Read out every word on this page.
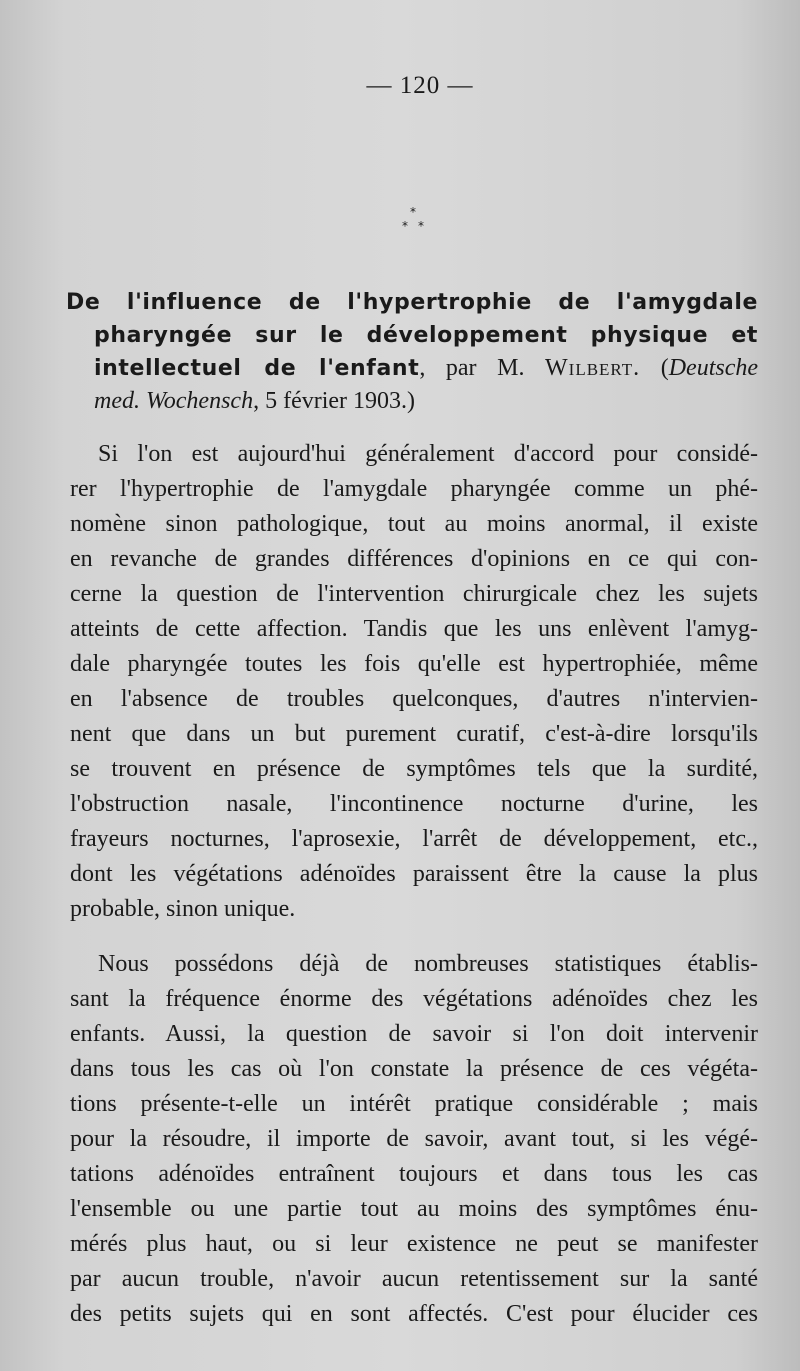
— 120 —
*
* *
De l'influence de l'hypertrophie de l'amygdale
pharyngée sur le développement physique et
intellectuel de l'enfant, par M. Wilbert. (Deutsche
med. Wochensch, 5 février 1903.)
Si l'on est aujourd'hui généralement d'accord pour considé-
rer l'hypertrophie de l'amygdale pharyngée comme un phé-
nomène sinon pathologique, tout au moins anormal, il existe
en revanche de grandes différences d'opinions en ce qui con-
cerne la question de l'intervention chirurgicale chez les sujets
atteints de cette affection. Tandis que les uns enlèvent l'amyg-
dale pharyngée toutes les fois qu'elle est hypertrophiée, même
en l'absence de troubles quelconques, d'autres n'intervien-
nent que dans un but purement curatif, c'est-à-dire lorsqu'ils
se trouvent en présence de symptômes tels que la surdité,
l'obstruction nasale, l'incontinence nocturne d'urine, les
frayeurs nocturnes, l'aprosexie, l'arrêt de développement, etc.,
dont les végétations adénoïdes paraissent être la cause la plus
probable, sinon unique.
Nous possédons déjà de nombreuses statistiques établis-
sant la fréquence énorme des végétations adénoïdes chez les
enfants. Aussi, la question de savoir si l'on doit intervenir
dans tous les cas où l'on constate la présence de ces végéta-
tions présente-t-elle un intérêt pratique considérable ; mais
pour la résoudre, il importe de savoir, avant tout, si les végé-
tations adénoïdes entraînent toujours et dans tous les cas
l'ensemble ou une partie tout au moins des symptômes énu-
mérés plus haut, ou si leur existence ne peut se manifester
par aucun trouble, n'avoir aucun retentissement sur la santé
des petits sujets qui en sont affectés. C'est pour élucider ces
